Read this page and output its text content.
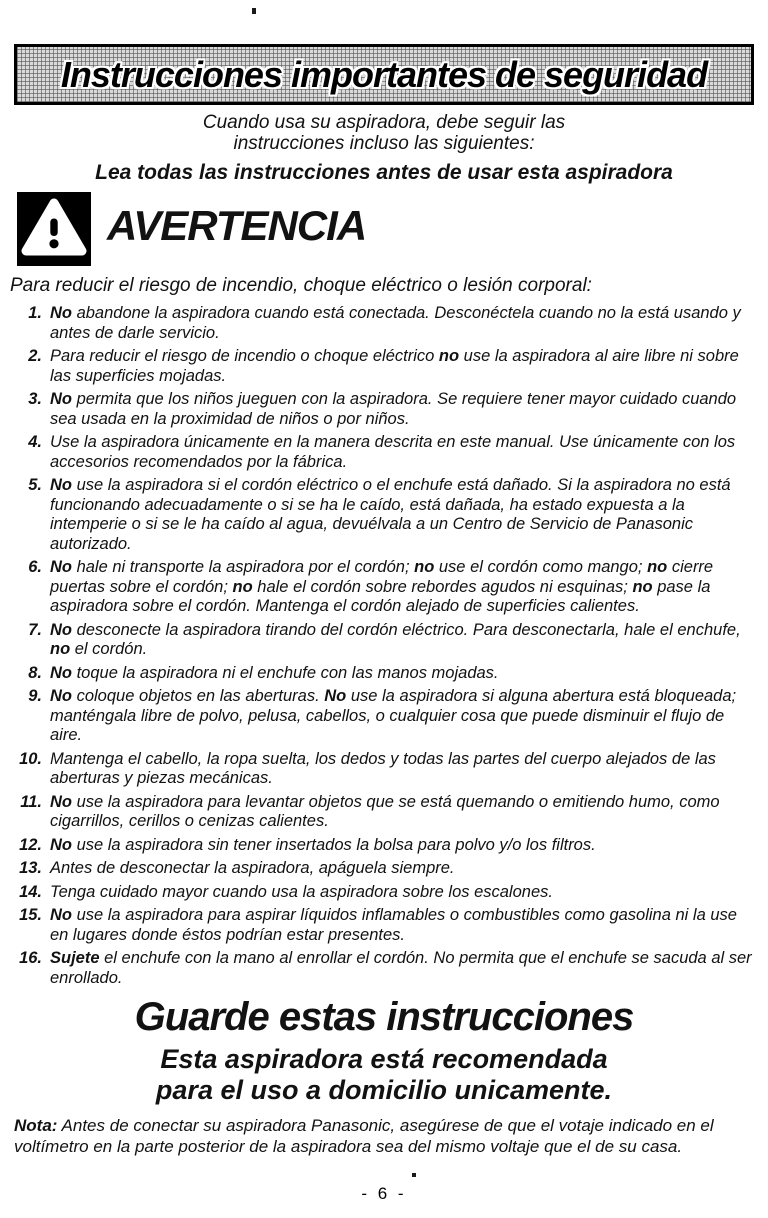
Instrucciones importantes de seguridad

Cuando usa su aspiradora, debe seguir las

instrucciones incluso las siguientes:

Lea todas las instrucciones antes de usar esta aspiradora

AVERTENCIA

Para reducir el riesgo de incendio, choque eléctrico o lesión corporal:

1. No abandone la aspiradora cuando está conectada. Desconéctela cuando no la está usando y antes de darle servicio.
2. Para reducir el riesgo de incendio o choque eléctrico no use la aspiradora al aire libre ni sobre las superficies mojadas.
3. No permita que los niños jueguen con la aspiradora. Se requiere tener mayor cuidado cuando sea usada en la proximidad de niños o por niños.
4. Use la aspiradora únicamente en la manera descrita en este manual. Use únicamente con los accesorios recomendados por la fábrica.
5. No use la aspiradora si el cordón eléctrico o el enchufe está dañado. Si la aspiradora no está funcionando adecuadamente o si se ha le caído, está dañada, ha estado expuesta a la intemperie o si se le ha caído al agua, devuélvala a un Centro de Servicio de Panasonic autorizado.
6. No hale ni transporte la aspiradora por el cordón; no use el cordón como mango; no cierre puertas sobre el cordón; no hale el cordón sobre rebordes agudos ni esquinas; no pase la aspiradora sobre el cordón. Mantenga el cordón alejado de superficies calientes.
7. No desconecte la aspiradora tirando del cordón eléctrico. Para desconectarla, hale el enchufe, no el cordón.
8. No toque la aspiradora ni el enchufe con las manos mojadas.
9. No coloque objetos en las aberturas. No use la aspiradora si alguna abertura está bloqueada; manténgala libre de polvo, pelusa, cabellos, o cualquier cosa que puede disminuir el flujo de aire.
10. Mantenga el cabello, la ropa suelta, los dedos y todas las partes del cuerpo alejados de las aberturas y piezas mecánicas.
11. No use la aspiradora para levantar objetos que se está quemando o emitiendo humo, como cigarrillos, cerillos o cenizas calientes.
12. No use la aspiradora sin tener insertados la bolsa para polvo y/o los filtros.
13. Antes de desconectar la aspiradora, apáguela siempre.
14. Tenga cuidado mayor cuando usa la aspiradora sobre los escalones.
15. No use la aspiradora para aspirar líquidos inflamables o combustibles como gasolina ni la use en lugares donde éstos podrían estar presentes.
16. Sujete el enchufe con la mano al enrollar el cordón. No permita que el enchufe se sacuda al ser enrollado.
Guarde estas instrucciones
Esta aspiradora está recomendada
para el uso a domicilio unicamente.

Nota: Antes de conectar su aspiradora Panasonic, asegúrese de que el votaje indicado en el voltímetro en la parte posterior de la aspiradora sea del mismo voltaje que el de su casa.

- 6 -
